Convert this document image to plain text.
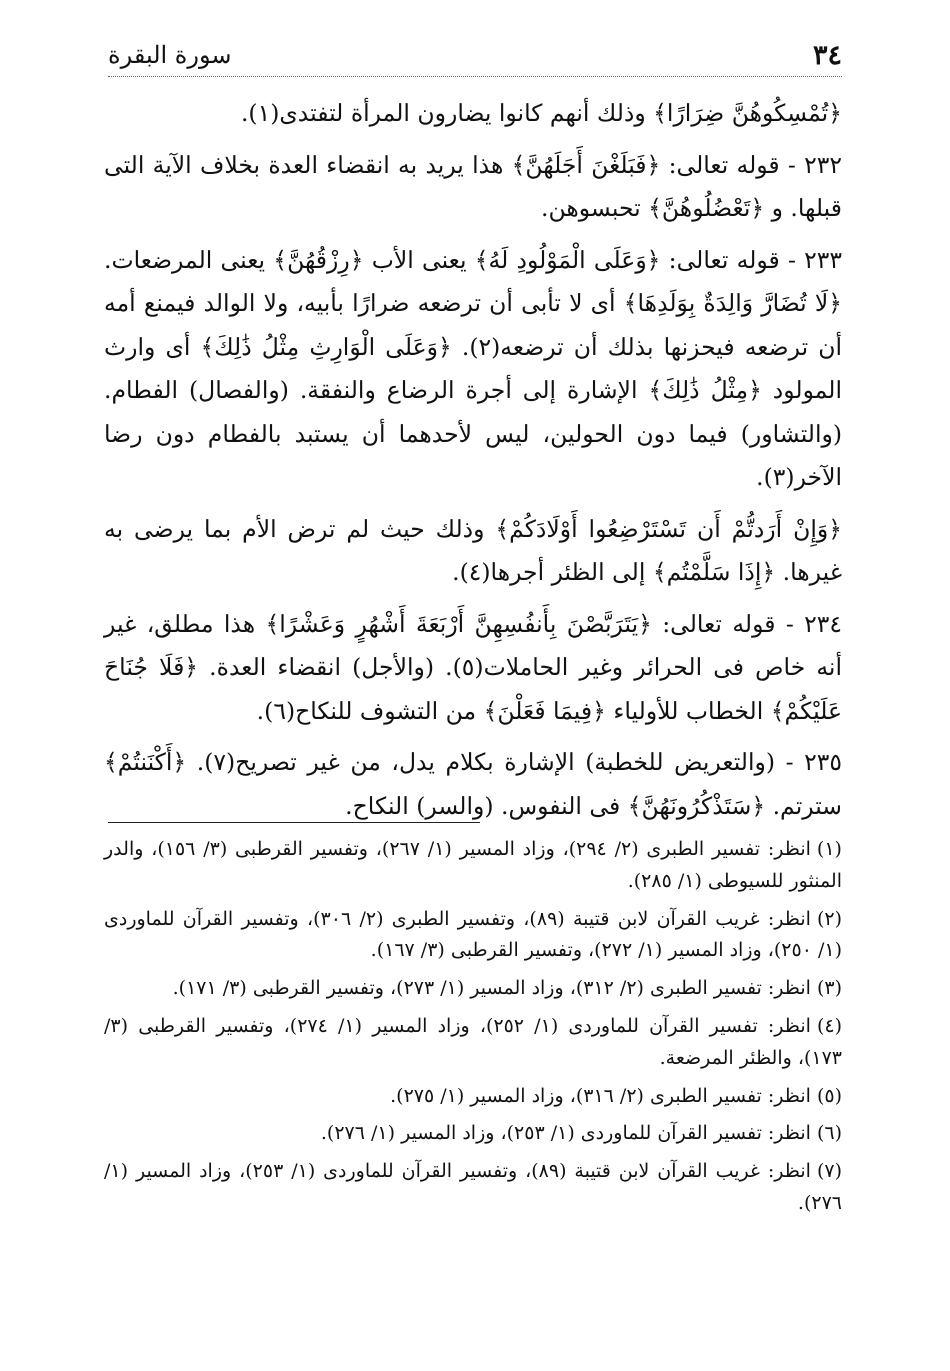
٣٤
سورة البقرة

﴿تُمْسِكُوهُنَّ ضِرَارًا﴾ وذلك أنهم كانوا يضارون المرأة لتفتدى(١).

٢٣٢ - قوله تعالى: ﴿فَبَلَغْنَ أَجَلَهُنَّ﴾ هذا يريد به انقضاء العدة بخلاف الآية التى قبلها. و ﴿تَعْضُلُوهُنَّ﴾ تحبسوهن.

٢٣٣ - قوله تعالى: ﴿وَعَلَى الْمَوْلُودِ لَهُ﴾ يعنى الأب ﴿رِزْقُهُنَّ﴾ يعنى المرضعات. ﴿لَا تُضَارَّ وَالِدَةٌ بِوَلَدِهَا﴾ أى لا تأبى أن ترضعه ضرارًا بأبيه، ولا الوالد فيمنع أمه أن ترضعه فيحزنها بذلك أن ترضعه(٢). ﴿وَعَلَى الْوَارِثِ مِثْلُ ذَٰلِكَ﴾ أى وارث المولود ﴿مِثْلُ ذَٰلِكَ﴾ الإشارة إلى أجرة الرضاع والنفقة. (والفصال) الفطام. (والتشاور) فيما دون الحولين، ليس لأحدهما أن يستبد بالفطام دون رضا الآخر(٣).

﴿وَإِنْ أَرَدتُّمْ أَن تَسْتَرْضِعُوا أَوْلَادَكُمْ﴾ وذلك حيث لم ترض الأم بما يرضى به غيرها. ﴿إِذَا سَلَّمْتُم﴾ إلى الظئر أجرها(٤).

٢٣٤ - قوله تعالى: ﴿يَتَرَبَّصْنَ بِأَنفُسِهِنَّ أَرْبَعَةَ أَشْهُرٍ وَعَشْرًا﴾ هذا مطلق، غير أنه خاص فى الحرائر وغير الحاملات(٥). (والأجل) انقضاء العدة. ﴿فَلَا جُنَاحَ عَلَيْكُمْ﴾ الخطاب للأولياء ﴿فِيمَا فَعَلْنَ﴾ من التشوف للنكاح(٦).

٢٣٥ - (والتعريض للخطبة) الإشارة بكلام يدل، من غير تصريح(٧). ﴿أَكْنَنتُمْ﴾ سترتم. ﴿سَتَذْكُرُونَهُنَّ﴾ فى النفوس. (والسر) النكاح.

(١)انظر: تفسير الطبرى (٢/ ٢٩٤)، وزاد المسير (١/ ٢٦٧)، وتفسير القرطبى (٣/ ١٥٦)، والدر المنثور للسيوطى (١/ ٢٨٥).

(٢)انظر: غريب القرآن لابن قتيبة (٨٩)، وتفسير الطبرى (٢/ ٣٠٦)، وتفسير القرآن للماوردى (١/ ٢٥٠)، وزاد المسير (١/ ٢٧٢)، وتفسير القرطبى (٣/ ١٦٧).

(٣)انظر: تفسير الطبرى (٢/ ٣١٢)، وزاد المسير (١/ ٢٧٣)، وتفسير القرطبى (٣/ ١٧١).

(٤)انظر: تفسير القرآن للماوردى (١/ ٢٥٢)، وزاد المسير (١/ ٢٧٤)، وتفسير القرطبى (٣/ ١٧٣)، والظئر المرضعة.

(٥)انظر: تفسير الطبرى (٢/ ٣١٦)، وزاد المسير (١/ ٢٧٥).

(٦)انظر: تفسير القرآن للماوردى (١/ ٢٥٣)، وزاد المسير (١/ ٢٧٦).

(٧)انظر: غريب القرآن لابن قتيبة (٨٩)، وتفسير القرآن للماوردى (١/ ٢٥٣)، وزاد المسير (١/ ٢٧٦).
